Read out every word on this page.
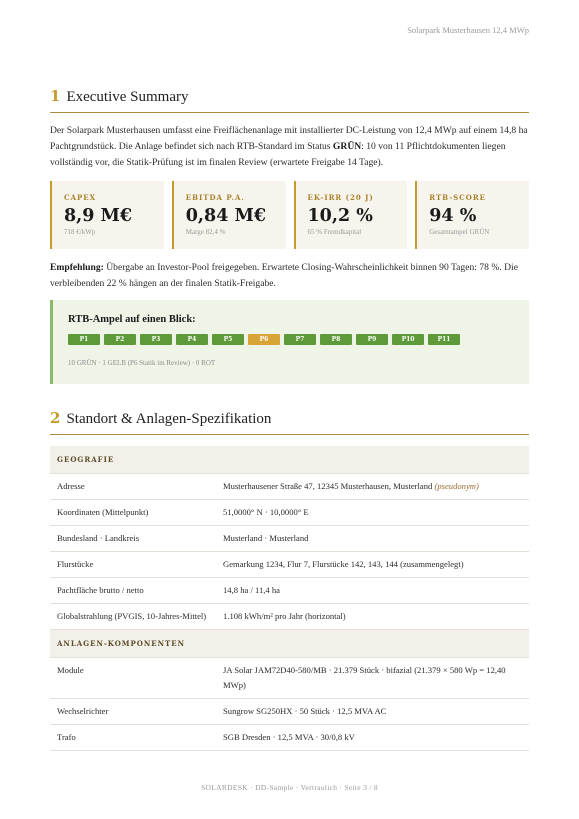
Solarpark Musterhausen 12,4 MWp
1 Executive Summary

Der Solarpark Musterhausen umfasst eine Freiflächenanlage mit installierter DC-Leistung von 12,4 MWp auf einem 14,8 ha Pachtgrundstück. Die Anlage befindet sich nach RTB-Standard im Status GRÜN: 10 von 11 Pflichtdokumenten liegen vollständig vor, die Statik-Prüfung ist im finalen Review (erwartete Freigabe 14 Tage).

CAPEX
8,9 M€
718 €/kWp
EBITDA P.A.
0,84 M€
Marge 82,4 %
EK-IRR (20 J)
10,2 %
65 % Fremdkapital
RTB-SCORE
94 %
Gesamtampel GRÜN

Empfehlung: Übergabe an Investor-Pool freigegeben. Erwartete Closing-Wahrscheinlichkeit binnen 90 Tagen: 78 %. Die verbleibenden 22 % hängen an der finalen Statik-Freigabe.

RTB-Ampel auf einen Blick:
P1	P2	P3	P4	P5	P6	P7	P8	P9	P10	P11
10 GRÜN · 1 GELB (P6 Statik im Review) · 0 ROT
2 Standort & Anlagen-Spezifikation
GEOGRAFIE	
Adresse	Musterhausener Straße 47, 12345 Musterhausen, Musterland (pseudonym)
Koordinaten (Mittelpunkt)	51,0000° N · 10,0000° E
Bundesland · Landkreis	Musterland · Musterland
Flurstücke	Gemarkung 1234, Flur 7, Flurstücke 142, 143, 144 (zusammengelegt)
Pachtfläche brutto / netto	14,8 ha / 11,4 ha
Globalstrahlung (PVGIS, 10-Jahres-Mittel)	1.108 kWh/m² pro Jahr (horizontal)
ANLAGEN-KOMPONENTEN	
Module	JA Solar JAM72D40-580/MB · 21.379 Stück · bifazial (21.379 × 580 Wp = 12,40 MWp)
Wechselrichter	Sungrow SG250HX · 50 Stück · 12,5 MVA AC
Trafo	SGB Dresden · 12,5 MVA · 30/0,8 kV
SOLARDESK · DD-Sample · Vertraulich · Seite 3 / 8
